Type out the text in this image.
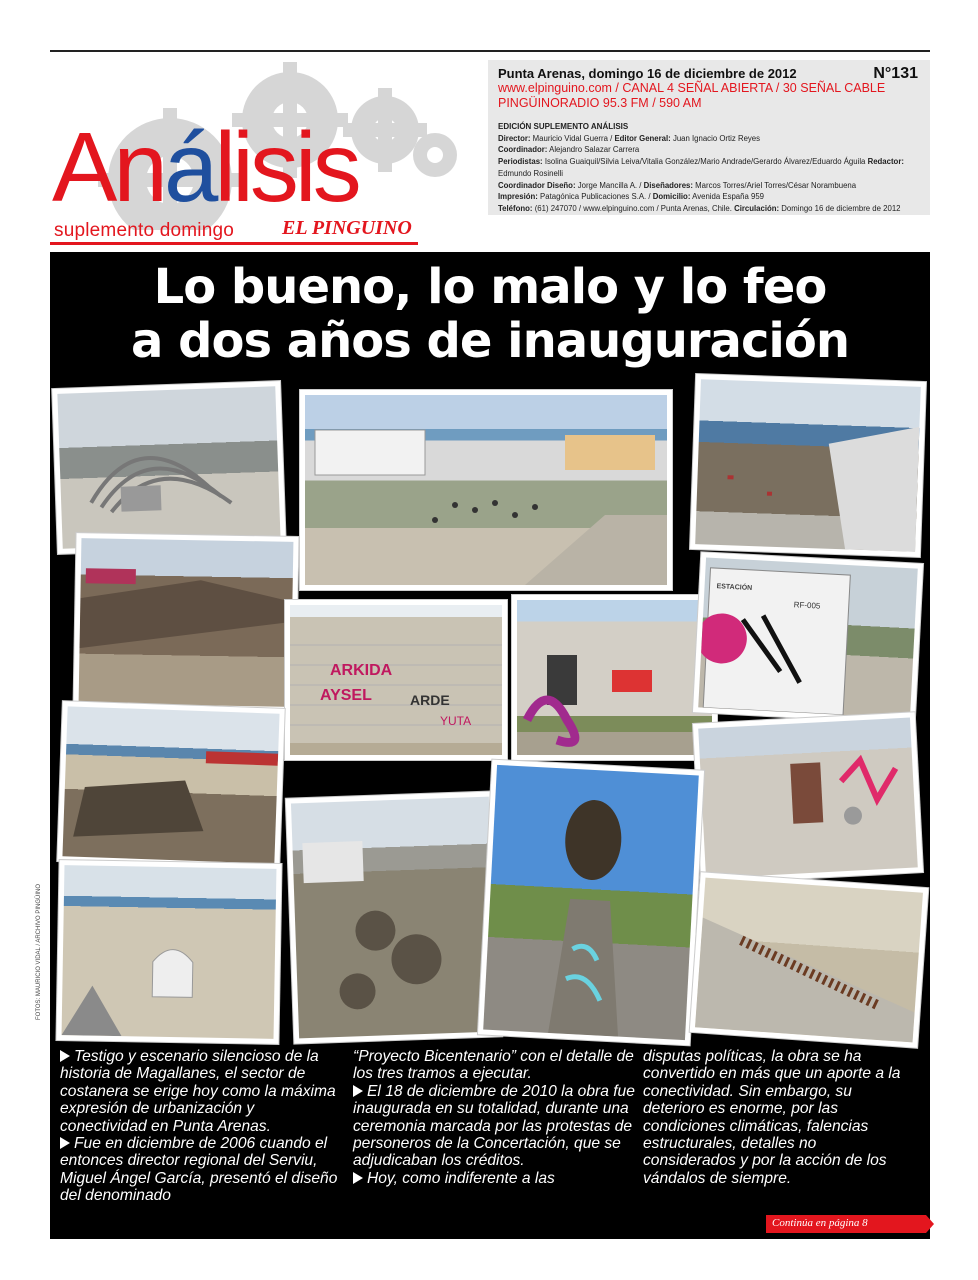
Análisis
suplemento domingo EL PINGUINO
N°131
Punta Arenas, domingo 16 de diciembre de 2012
www.elpinguino.com / CANAL 4 SEÑAL ABIERTA / 30 SEÑAL CABLE
PINGÜINORADIO 95.3 FM / 590 AM
EDICIÓN SUPLEMENTO ANÁLISIS
Director: Mauricio Vidal Guerra / Editor General: Juan Ignacio Ortiz Reyes
Coordinador: Alejandro Salazar Carrera
Periodistas: Isolina Guaiquil/Silvia Leiva/Vitalia González/Mario Andrade/Gerardo Álvarez/Eduardo Águila Redactor: Edmundo Rosinelli
Coordinador Diseño: Jorge Mancilla A. / Diseñadores: Marcos Torres/Ariel Torres/César Norambuena
Impresión: Patagónica Publicaciones S.A. / Domicilio: Avenida España 959
Teléfono: (61) 247070 / www.elpinguino.com / Punta Arenas, Chile. Circulación: Domingo 16 de diciembre de 2012
FOTOS: MAURICIO VIDAL / ARCHIVO PINGÜINO
Lo bueno, lo malo y lo feo
a dos años de inauguración
ARKIDA
AYSEL	ARDE
YUTA
ESTACIÓN
RF-005

Testigo y escenario silencioso de la historia de Magallanes, el sector de costanera se erige hoy como la máxima expresión de urbanización y conectividad en Punta Arenas.

Fue en diciembre de 2006 cuando el entonces director regional del Serviu, Miguel Ángel García, presentó el diseño del denominado

“Proyecto Bicentenario” con el detalle de los tres tramos a ejecutar.

El 18 de diciembre de 2010 la obra fue inaugurada en su totalidad, durante una ceremonia marcada por las protestas de personeros de la Concertación, que se adjudicaban los créditos.

Hoy, como indiferente a las

disputas políticas, la obra se ha convertido en más que un aporte a la conectividad. Sin embargo, su deterioro es enorme, por las condiciones climáticas, falencias estructurales, detalles no considerados y por la acción de los vándalos de siempre.

Continúa en página 8
